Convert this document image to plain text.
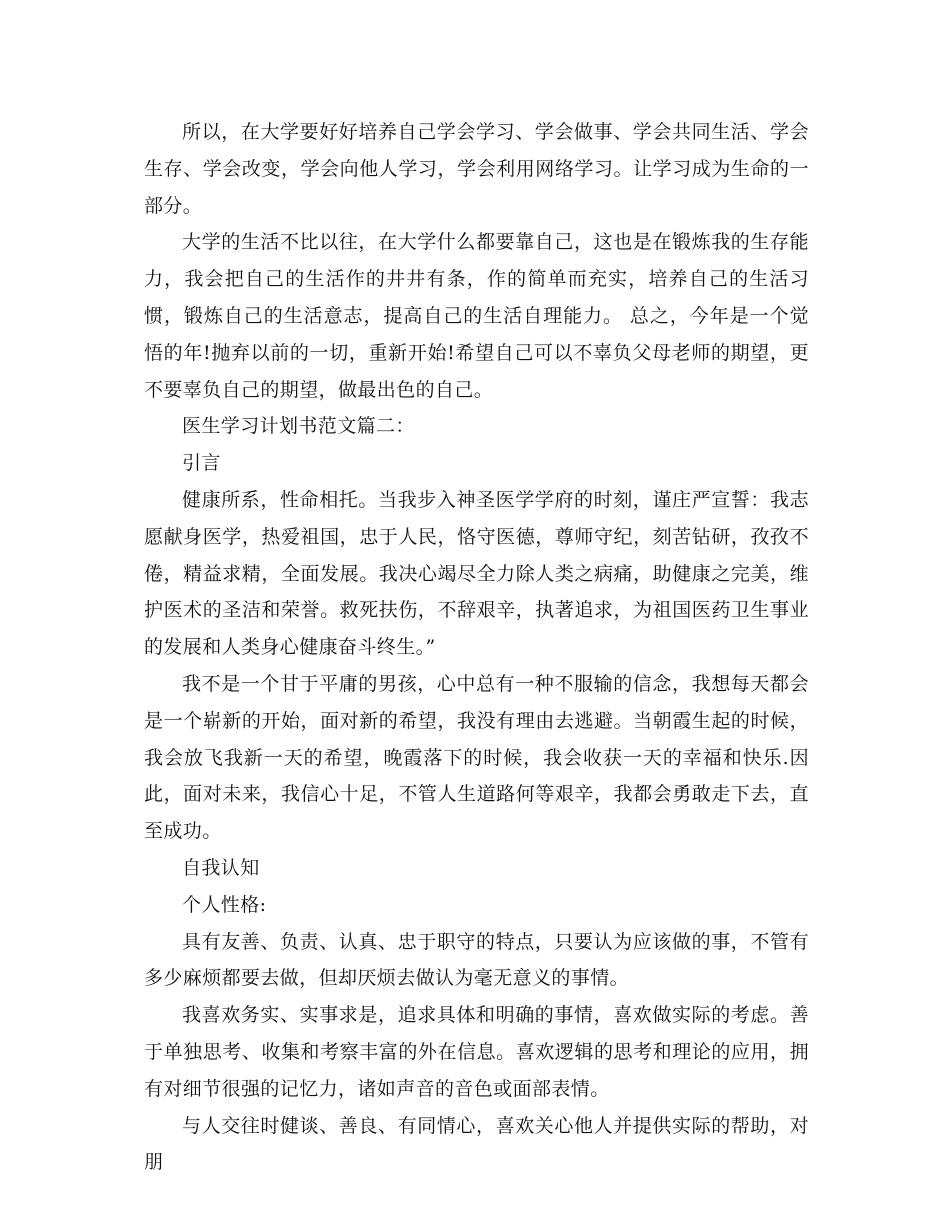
所以，在大学要好好培养自己学会学习、学会做事、学会共同生活、学会生存、学会改变，学会向他人学习，学会利用网络学习。让学习成为生命的一部分。

大学的生活不比以往，在大学什么都要靠自己，这也是在锻炼我的生存能力，我会把自己的生活作的井井有条，作的简单而充实，培养自己的生活习惯，锻炼自己的生活意志，提高自己的生活自理能力。 总之，今年是一个觉悟的年!抛弃以前的一切，重新开始!希望自己可以不辜负父母老师的期望，更不要辜负自己的期望，做最出色的自己。

医生学习计划书范文篇二：

引言

健康所系，性命相托。当我步入神圣医学学府的时刻，谨庄严宣誓：我志愿献身医学，热爱祖国，忠于人民，恪守医德，尊师守纪，刻苦钻研，孜孜不倦，精益求精，全面发展。我决心竭尽全力除人类之病痛，助健康之完美，维护医术的圣洁和荣誉。救死扶伤，不辞艰辛，执著追求，为祖国医药卫生事业的发展和人类身心健康奋斗终生。”

我不是一个甘于平庸的男孩，心中总有一种不服输的信念，我想每天都会是一个崭新的开始，面对新的希望，我没有理由去逃避。当朝霞生起的时候，我会放飞我新一天的希望，晚霞落下的时候，我会收获一天的幸福和快乐.因此，面对未来，我信心十足，不管人生道路何等艰辛，我都会勇敢走下去，直至成功。

自我认知

个人性格:

具有友善、负责、认真、忠于职守的特点，只要认为应该做的事，不管有多少麻烦都要去做，但却厌烦去做认为毫无意义的事情。

我喜欢务实、实事求是，追求具体和明确的事情，喜欢做实际的考虑。善于单独思考、收集和考察丰富的外在信息。喜欢逻辑的思考和理论的应用，拥有对细节很强的记忆力，诸如声音的音色或面部表情。

与人交往时健谈、善良、有同情心，喜欢关心他人并提供实际的帮助，对朋
